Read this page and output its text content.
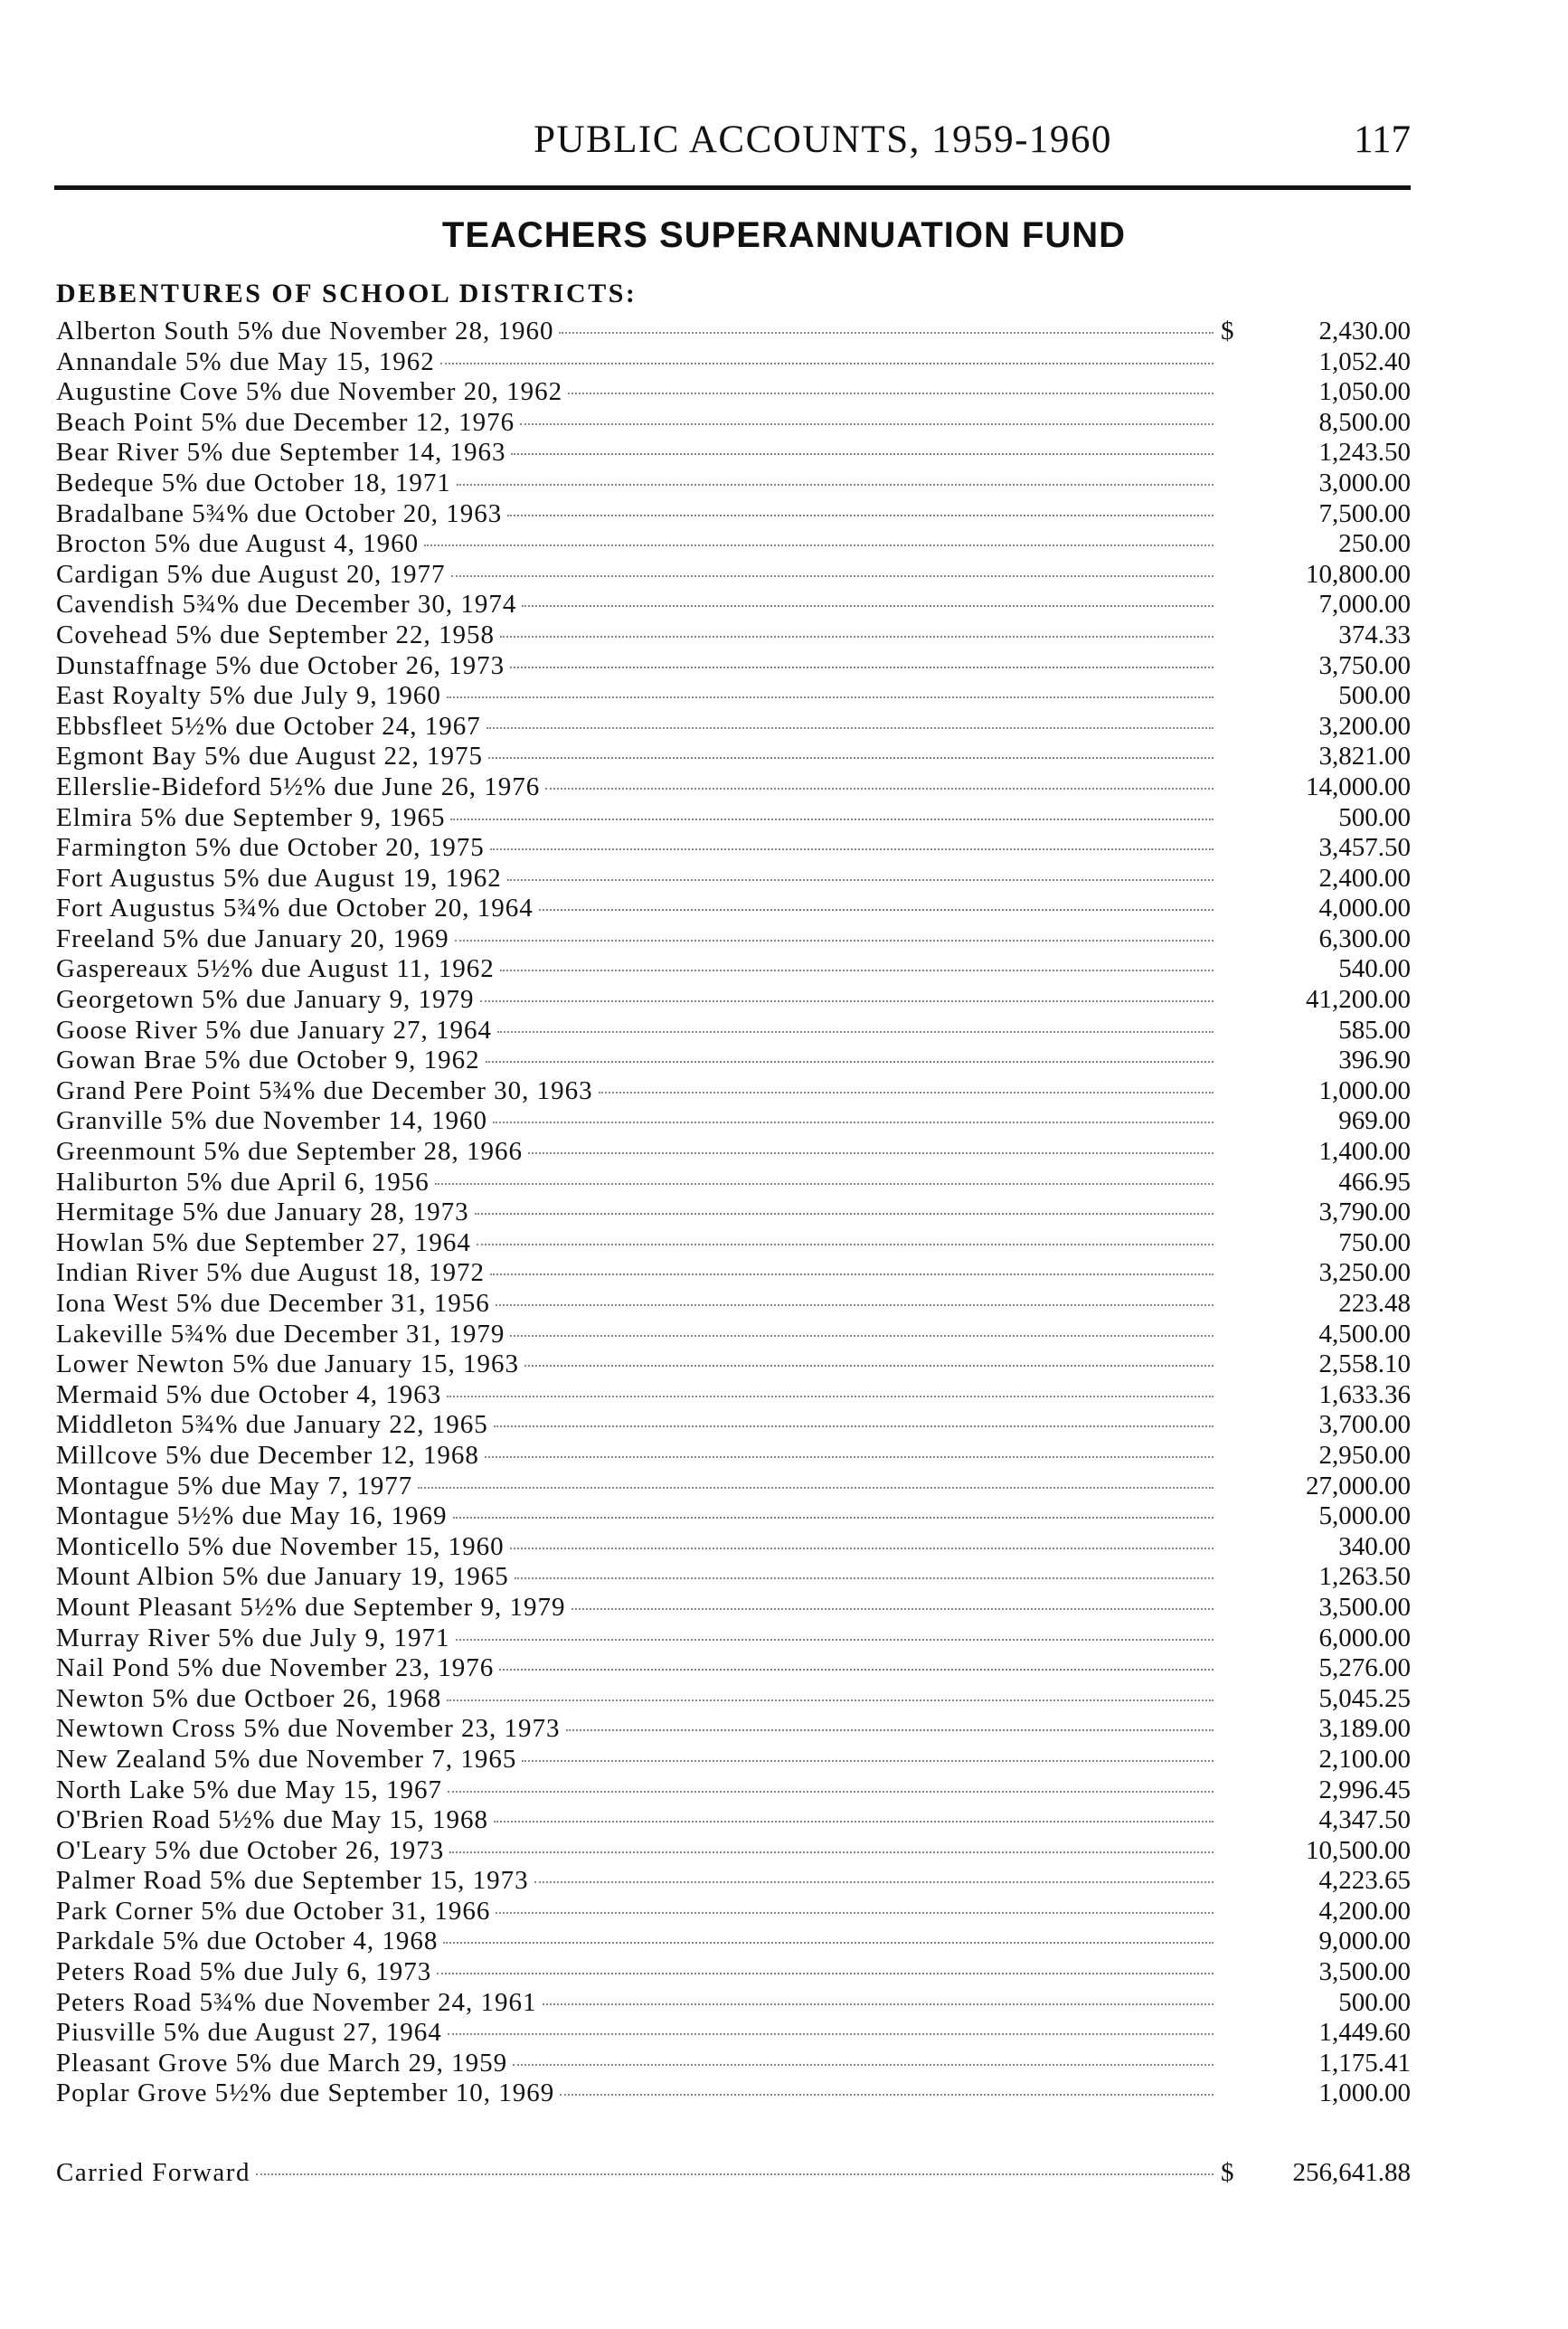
PUBLIC ACCOUNTS, 1959-1960	117
TEACHERS SUPERANNUATION FUND
DEBENTURES OF SCHOOL DISTRICTS:
Alberton South 5% due November 28, 1960	$	2,430.00
Annandale 5% due May 15, 1962	1,052.40
Augustine Cove 5% due November 20, 1962	1,050.00
Beach Point 5% due December 12, 1976	8,500.00
Bear River 5% due September 14, 1963	1,243.50
Bedeque 5% due October 18, 1971	3,000.00
Bradalbane 5¾% due October 20, 1963	7,500.00
Brocton 5% due August 4, 1960	250.00
Cardigan 5% due August 20, 1977	10,800.00
Cavendish 5¾% due December 30, 1974	7,000.00
Covehead 5% due September 22, 1958	374.33
Dunstaffnage 5% due October 26, 1973	3,750.00
East Royalty 5% due July 9, 1960	500.00
Ebbsfleet 5½% due October 24, 1967	3,200.00
Egmont Bay 5% due August 22, 1975	3,821.00
Ellerslie-Bideford 5½% due June 26, 1976	14,000.00
Elmira 5% due September 9, 1965	500.00
Farmington 5% due October 20, 1975	3,457.50
Fort Augustus 5% due August 19, 1962	2,400.00
Fort Augustus 5¾% due October 20, 1964	4,000.00
Freeland 5% due January 20, 1969	6,300.00
Gaspereaux 5½% due August 11, 1962	540.00
Georgetown 5% due January 9, 1979	41,200.00
Goose River 5% due January 27, 1964	585.00
Gowan Brae 5% due October 9, 1962	396.90
Grand Pere Point 5¾% due December 30, 1963	1,000.00
Granville 5% due November 14, 1960	969.00
Greenmount 5% due September 28, 1966	1,400.00
Haliburton 5% due April 6, 1956	466.95
Hermitage 5% due January 28, 1973	3,790.00
Howlan 5% due September 27, 1964	750.00
Indian River 5% due August 18, 1972	3,250.00
Iona West 5% due December 31, 1956	223.48
Lakeville 5¾% due December 31, 1979	4,500.00
Lower Newton 5% due January 15, 1963	2,558.10
Mermaid 5% due October 4, 1963	1,633.36
Middleton 5¾% due January 22, 1965	3,700.00
Millcove 5% due December 12, 1968	2,950.00
Montague 5% due May 7, 1977	27,000.00
Montague 5½% due May 16, 1969	5,000.00
Monticello 5% due November 15, 1960	340.00
Mount Albion 5% due January 19, 1965	1,263.50
Mount Pleasant 5½% due September 9, 1979	3,500.00
Murray River 5% due July 9, 1971	6,000.00
Nail Pond 5% due November 23, 1976	5,276.00
Newton 5% due Octboer 26, 1968	5,045.25
Newtown Cross 5% due November 23, 1973	3,189.00
New Zealand 5% due November 7, 1965	2,100.00
North Lake 5% due May 15, 1967	2,996.45
O'Brien Road 5½% due May 15, 1968	4,347.50
O'Leary 5% due October 26, 1973	10,500.00
Palmer Road 5% due September 15, 1973	4,223.65
Park Corner 5% due October 31, 1966	4,200.00
Parkdale 5% due October 4, 1968	9,000.00
Peters Road 5% due July 6, 1973	3,500.00
Peters Road 5¾% due November 24, 1961	500.00
Piusville 5% due August 27, 1964	1,449.60
Pleasant Grove 5% due March 29, 1959	1,175.41
Poplar Grove 5½% due September 10, 1969	1,000.00
Carried Forward	$	256,641.88
